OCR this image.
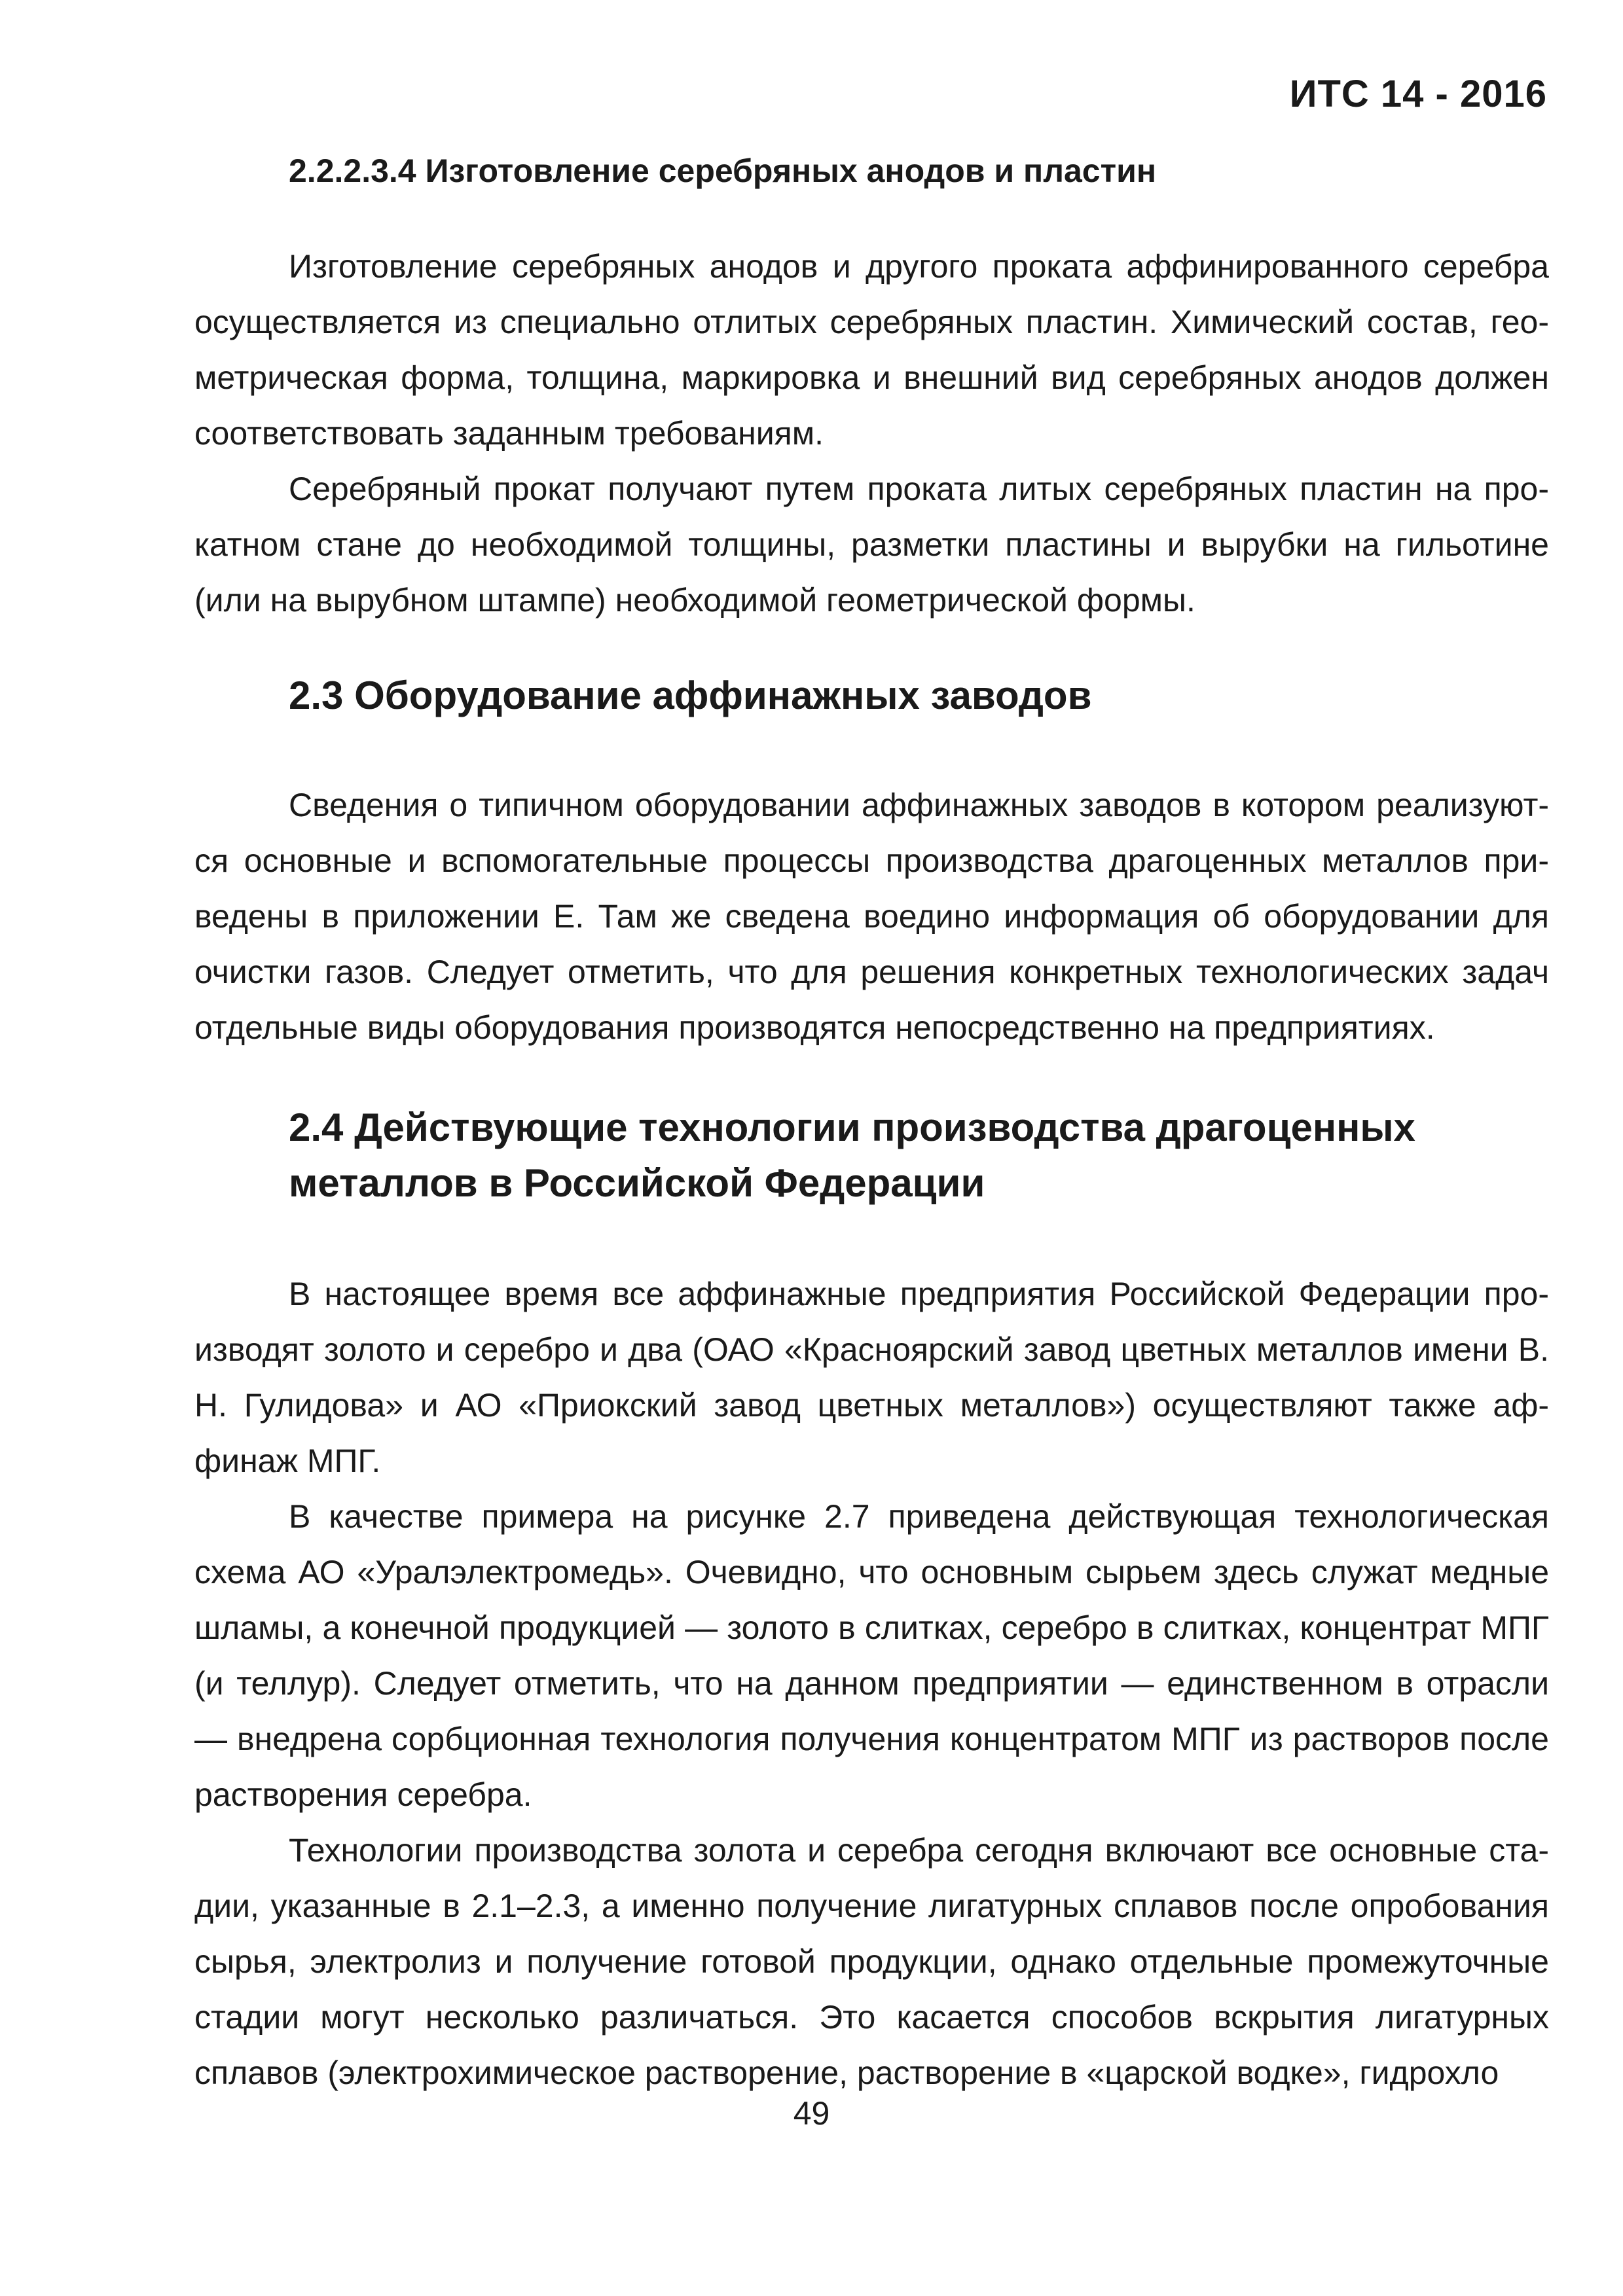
ИТС 14 - 2016
2.2.2.3.4 Изготовление серебряных анодов и пластин

Изготовление серебряных анодов и другого проката аффинированного серебра осуществляется из специально отлитых серебряных пластин. Химический состав, геометрическая форма, толщина, маркировка и внешний вид серебряных анодов должен соответствовать заданным требованиям.

Серебряный прокат получают путем проката литых серебряных пластин на прокатном стане до необходимой толщины, разметки пластины и вырубки на гильотине (или на вырубном штампе) необходимой геометрической формы.

2.3 Оборудование аффинажных заводов

Сведения о типичном оборудовании аффинажных заводов в котором реализуются основные и вспомогательные процессы производства драгоценных металлов приведены в приложении Е. Там же сведена воедино информация об оборудовании для очистки газов. Следует отметить, что для решения конкретных технологических задач отдельные виды оборудования производятся непосредственно на предприятиях.

2.4 Действующие технологии производства драгоценных
металлов в Российской Федерации

В настоящее время все аффинажные предприятия Российской Федерации производят золото и серебро и два (ОАО «Красноярский завод цветных металлов имени В. Н. Гулидова» и АО «Приокский завод цветных металлов») осуществляют также аффинаж МПГ.

В качестве примера на рисунке 2.7 приведена действующая технологическая схема АО «Уралэлектромедь». Очевидно, что основным сырьем здесь служат медные шламы, а конечной продукцией — золото в слитках, серебро в слитках, концентрат МПГ (и теллур). Следует отметить, что на данном предприятии — единственном в отрасли — внедрена сорбционная технология получения концентратом МПГ из растворов после растворения серебра.

Технологии производства золота и серебра сегодня включают все основные стадии, указанные в 2.1–2.3, а именно получение лигатурных сплавов после опробования сырья, электролиз и получение готовой продукции, однако отдельные промежуточные стадии могут несколько различаться. Это касается способов вскрытия лигатурных сплавов (электрохимическое растворение, растворение в «царской водке», гидрохло

49
